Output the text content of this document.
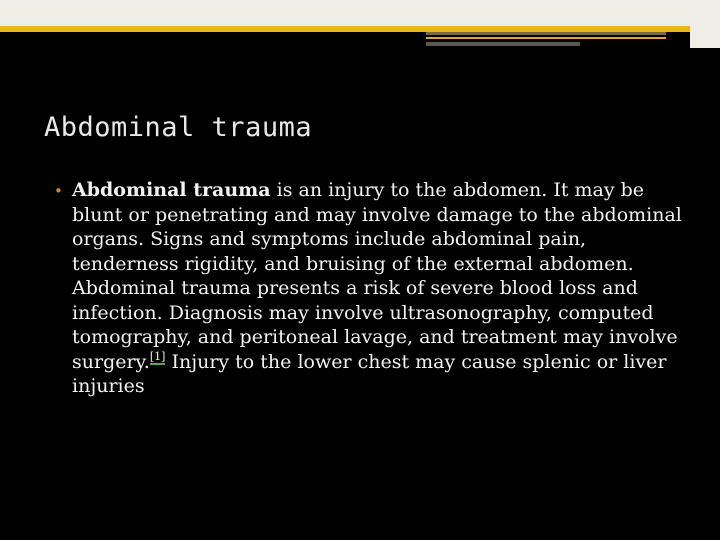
Abdominal trauma
• Abdominal trauma is an injury to the abdomen. It may be blunt or penetrating and may involve damage to the abdominal organs. Signs and symptoms include abdominal pain, tenderness rigidity, and bruising of the external abdomen. Abdominal trauma presents a risk of severe blood loss and infection. Diagnosis may involve ultrasonography, computed tomography, and peritoneal lavage, and treatment may involve surgery.[1] Injury to the lower chest may cause splenic or liver injuries
